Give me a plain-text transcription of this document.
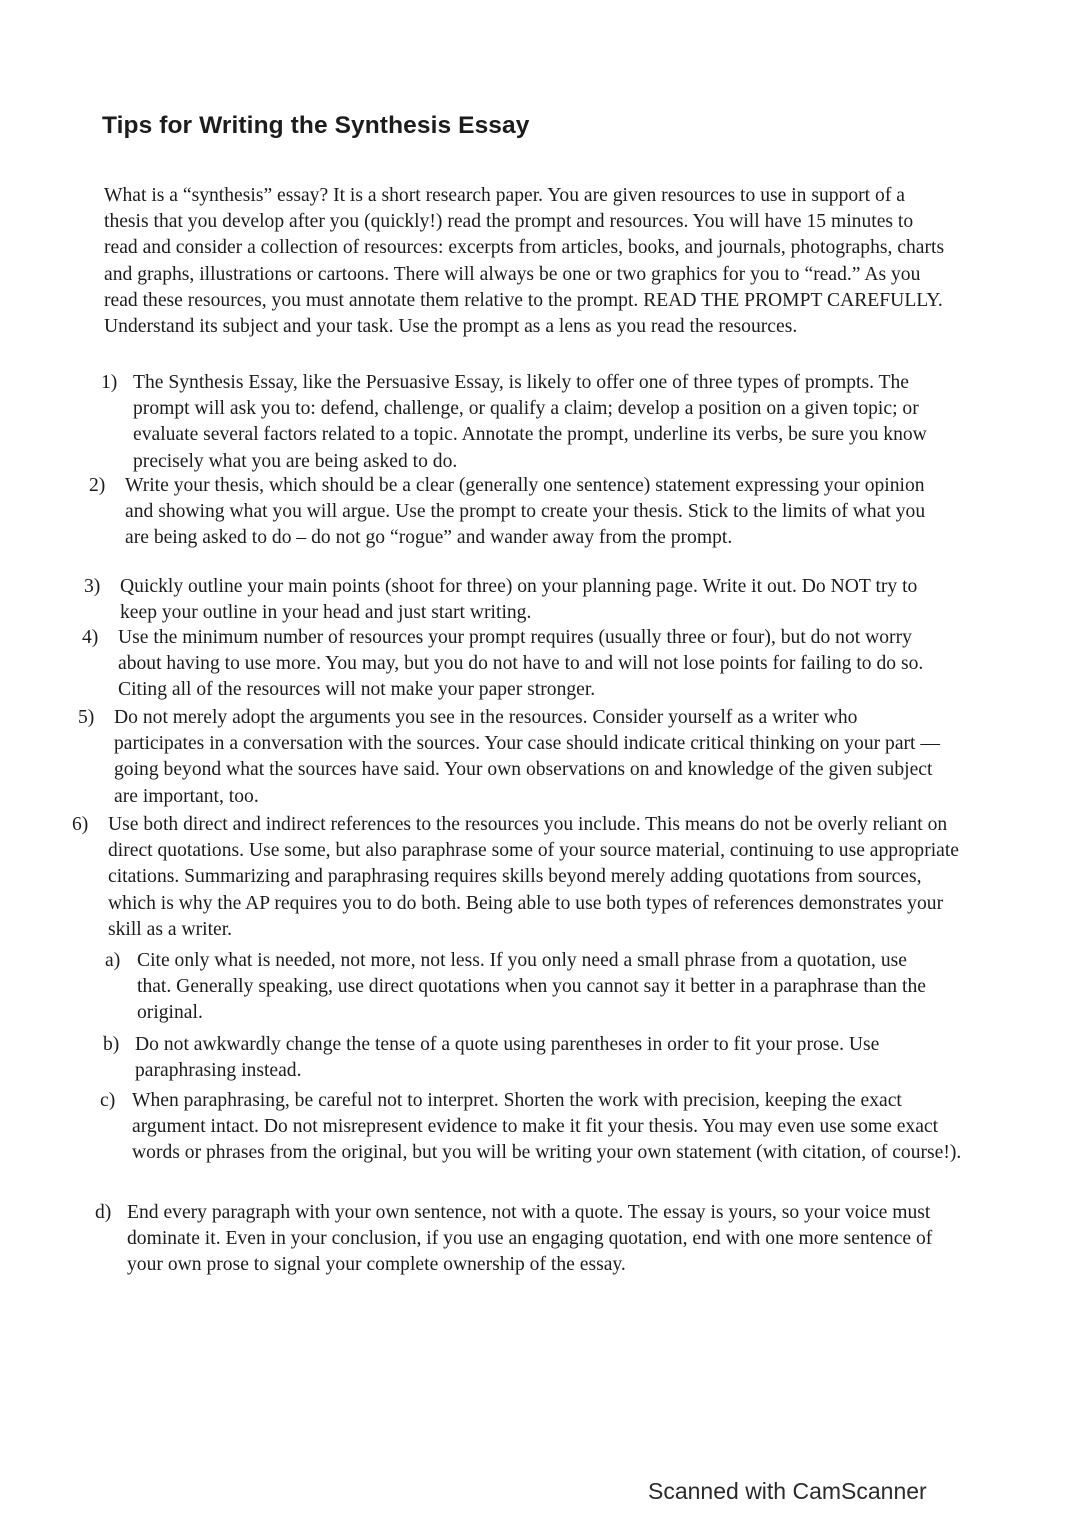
Tips for Writing the Synthesis Essay

What is a “synthesis” essay? It is a short research paper. You are given resources to use in support of a thesis that you develop after you (quickly!) read the prompt and resources. You will have 15 minutes to read and consider a collection of resources: excerpts from articles, books, and journals, photographs, charts and graphs, illustrations or cartoons. There will always be one or two graphics for you to “read.” As you read these resources, you must annotate them relative to the prompt. READ THE PROMPT CAREFULLY. Understand its subject and your task. Use the prompt as a lens as you read the resources.

1) The Synthesis Essay, like the Persuasive Essay, is likely to offer one of three types of prompts. The prompt will ask you to: defend, challenge, or qualify a claim; develop a position on a given topic; or evaluate several factors related to a topic. Annotate the prompt, underline its verbs, be sure you know precisely what you are being asked to do.
2) Write your thesis, which should be a clear (generally one sentence) statement expressing your opinion and showing what you will argue. Use the prompt to create your thesis. Stick to the limits of what you are being asked to do – do not go “rogue” and wander away from the prompt.
3) Quickly outline your main points (shoot for three) on your planning page. Write it out. Do NOT try to keep your outline in your head and just start writing.
4) Use the minimum number of resources your prompt requires (usually three or four), but do not worry about having to use more. You may, but you do not have to and will not lose points for failing to do so. Citing all of the resources will not make your paper stronger.
5) Do not merely adopt the arguments you see in the resources. Consider yourself as a writer who participates in a conversation with the sources. Your case should indicate critical thinking on your part — going beyond what the sources have said. Your own observations on and knowledge of the given subject are important, too.
6) Use both direct and indirect references to the resources you include. This means do not be overly reliant on direct quotations. Use some, but also paraphrase some of your source material, continuing to use appropriate citations. Summarizing and paraphrasing requires skills beyond merely adding quotations from sources, which is why the AP requires you to do both. Being able to use both types of references demonstrates your skill as a writer.
a) Cite only what is needed, not more, not less. If you only need a small phrase from a quotation, use that. Generally speaking, use direct quotations when you cannot say it better in a paraphrase than the original.
b) Do not awkwardly change the tense of a quote using parentheses in order to fit your prose. Use paraphrasing instead.
c) When paraphrasing, be careful not to interpret. Shorten the work with precision, keeping the exact argument intact. Do not misrepresent evidence to make it fit your thesis. You may even use some exact words or phrases from the original, but you will be writing your own statement (with citation, of course!).
d) End every paragraph with your own sentence, not with a quote. The essay is yours, so your voice must dominate it. Even in your conclusion, if you use an engaging quotation, end with one more sentence of your own prose to signal your complete ownership of the essay.
Scanned with CamScanner
